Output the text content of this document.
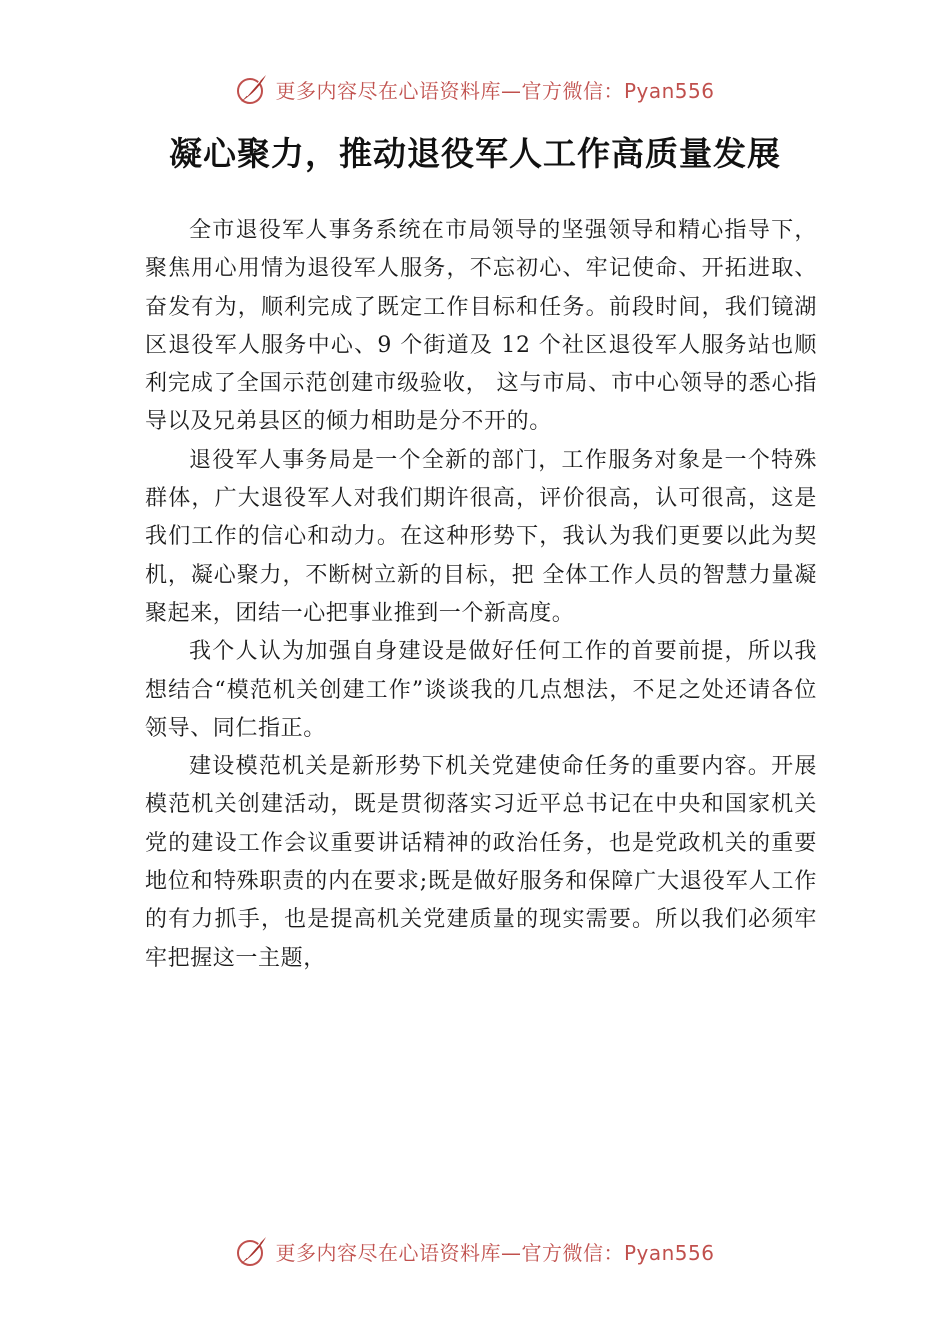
更多内容尽在心语资料库—官方微信：Pyan556
凝心聚力，推动退役军人工作高质量发展

全市退役军人事务系统在市局领导的坚强领导和精心指导下，聚焦用心用情为退役军人服务，不忘初心、牢记使命、开拓进取、奋发有为，顺利完成了既定工作目标和任务。前段时间，我们镜湖区退役军人服务中心、9 个街道及 12 个社区退役军人服务站也顺利完成了全国示范创建市级验收， 这与市局、市中心领导的悉心指导以及兄弟县区的倾力相助是分不开的。

退役军人事务局是一个全新的部门，工作服务对象是一个特殊群体，广大退役军人对我们期许很高，评价很高，认可很高，这是我们工作的信心和动力。在这种形势下，我认为我们更要以此为契机，凝心聚力，不断树立新的目标，把 全体工作人员的智慧力量凝聚起来，团结一心把事业推到一个新高度。

我个人认为加强自身建设是做好任何工作的首要前提，所以我想结合“模范机关创建工作”谈谈我的几点想法，不足之处还请各位领导、同仁指正。

建设模范机关是新形势下机关党建使命任务的重要内容。开展模范机关创建活动，既是贯彻落实习近平总书记在中央和国家机关党的建设工作会议重要讲话精神的政治任务，也是党政机关的重要地位和特殊职责的内在要求;既是做好服务和保障广大退役军人工作的有力抓手，也是提高机关党建质量的现实需要。所以我们必须牢牢把握这一主题，

更多内容尽在心语资料库—官方微信：Pyan556
